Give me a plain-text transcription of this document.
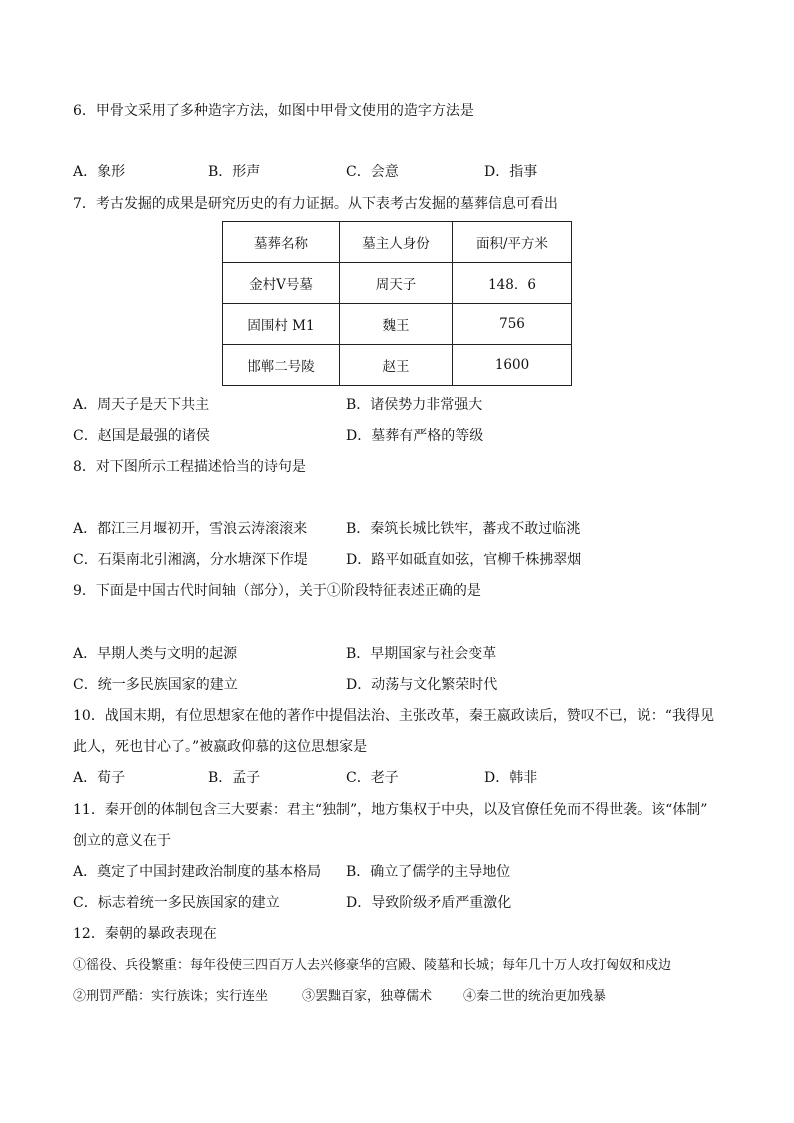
6．甲骨文采用了多种造字方法，如图中甲骨文使用的造字方法是
A．象形	B．形声	C．会意	D．指事
7．考古发掘的成果是研究历史的有力证据。从下表考古发掘的墓葬信息可看出
墓葬名称	墓主人身份	面积/平方米
金村Ⅴ号墓	周天子	148．6
固围村 M1	魏王	756
邯郸二号陵	赵王	1600
A．周天子是天下共主	B．诸侯势力非常强大
C．赵国是最强的诸侯	D．墓葬有严格的等级
8．对下图所示工程描述恰当的诗句是
A．都江三月堰初开，雪浪云涛滚滚来	B．秦筑长城比铁牢，蕃戎不敢过临洮
C．石渠南北引湘漓，分水塘深下作堤	D．路平如砥直如弦，官柳千株拂翠烟
9．下面是中国古代时间轴（部分），关于①阶段特征表述正确的是
A．早期人类与文明的起源	B．早期国家与社会变革
C．统一多民族国家的建立	D．动荡与文化繁荣时代
10．战国末期，有位思想家在他的著作中提倡法治、主张改革，秦王嬴政读后，赞叹不已，说：“我得见
此人，死也甘心了。”被嬴政仰慕的这位思想家是
A．荀子	B．孟子	C．老子	D．韩非
11．秦开创的体制包含三大要素：君主“独制”，地方集权于中央，以及官僚任免而不得世袭。该“体制”
创立的意义在于
A．奠定了中国封建政治制度的基本格局 B．确立了儒学的主导地位
C．标志着统一多民族国家的建立	D．导致阶级矛盾严重激化
12．秦朝的暴政表现在
①徭役、兵役繁重：每年役使三四百万人去兴修豪华的宫殿、陵墓和长城；每年几十万人攻打匈奴和戍边
②刑罚严酷：实行族诛；实行连坐	③罢黜百家，独尊儒术 ④秦二世的统治更加残暴
